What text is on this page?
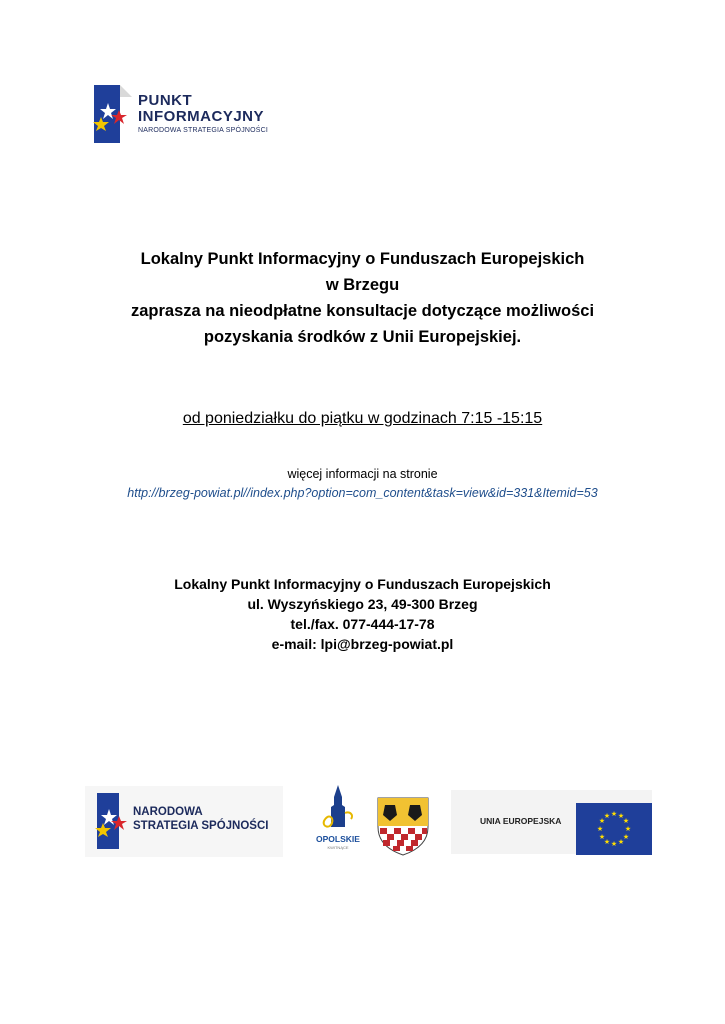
PUNKT
INFORMACYJNY
NARODOWA STRATEGIA SPÓJNOŚCI

Lokalny Punkt Informacyjny o Funduszach Europejskich

w Brzegu

zaprasza na nieodpłatne konsultacje dotyczące możliwości

pozyskania środków z Unii Europejskiej.

od poniedziałku do piątku w godzinach 7:15 -15:15
więcej informacji na stronie
http://brzeg-powiat.pl//index.php?option=com_content&task=view&id=331&Itemid=53
Lokalny Punkt Informacyjny o Funduszach Europejskich
ul. Wyszyńskiego 23, 49-300 Brzeg
tel./fax. 077-444-17-78
e-mail: lpi@brzeg-powiat.pl
NARODOWA
STRATEGIA SPÓJNOŚCI
OPOLSKIE
KWITNĄCE
UNIA EUROPEJSKA
★ ★
★
★
★
★
★
★
★
★
★
★
